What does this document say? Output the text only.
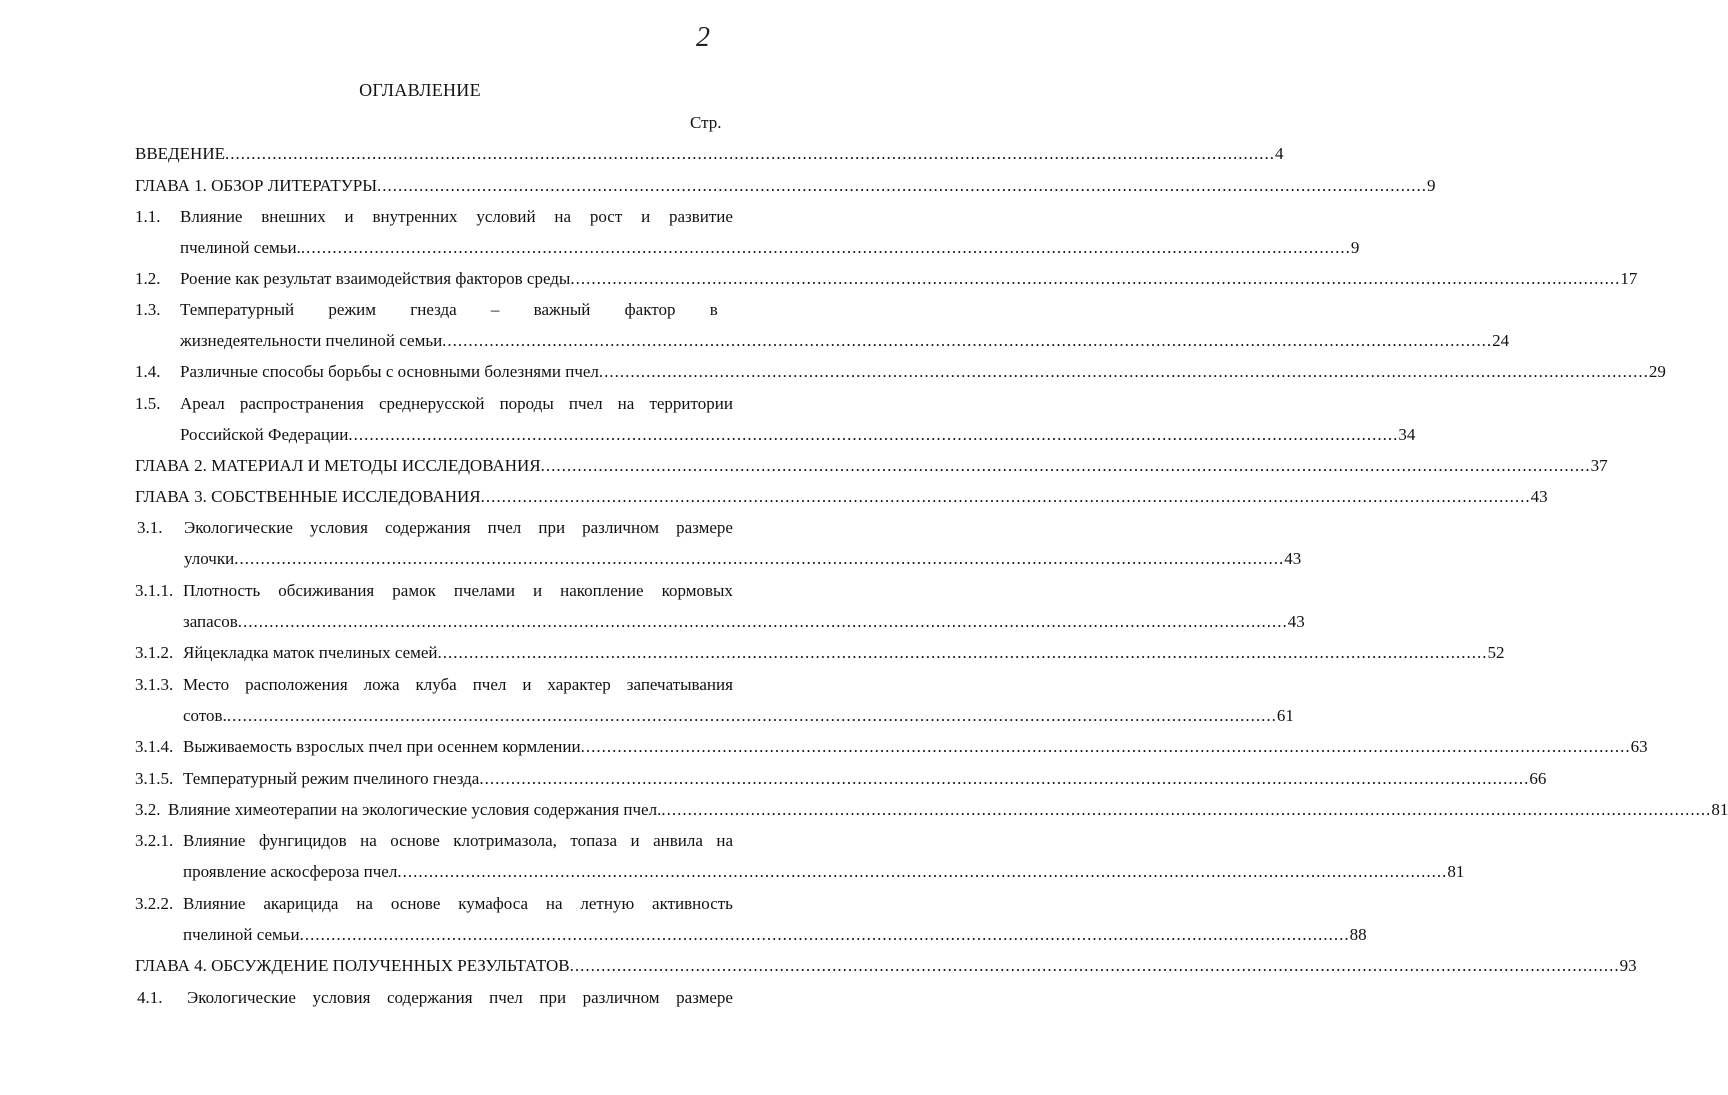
2
ОГЛАВЛЕНИЕ
Стр.
ВВЕДЕНИЕ ........................................................................................................................................................................................................ 4
ГЛАВА 1. ОБЗОР ЛИТЕРАТУРЫ ........................................................................................................................................................................................................ 9
1.1. Влияние внешних и внутренних условий на рост и развитие
пчелиной семьи. ........................................................................................................................................................................................................ 9
1.2. Роение как результат взаимодействия факторов среды ........................................................................................................................................................................................................ 17
1.3. Температурный режим гнезда – важный фактор в
жизнедеятельности пчелиной семьи ........................................................................................................................................................................................................ 24
1.4. Различные способы борьбы с основными болезнями пчел ........................................................................................................................................................................................................ 29
1.5. Ареал распространения среднерусской породы пчел на территории
Российской Федерации ........................................................................................................................................................................................................ 34
ГЛАВА 2. МАТЕРИАЛ И МЕТОДЫ ИССЛЕДОВАНИЯ ........................................................................................................................................................................................................ 37
ГЛАВА 3. СОБСТВЕННЫЕ ИССЛЕДОВАНИЯ ........................................................................................................................................................................................................ 43
3.1. Экологические условия содержания пчел при различном размере
улочки ........................................................................................................................................................................................................ 43
3.1.1. Плотность обсиживания рамок пчелами и накопление кормовых
запасов ........................................................................................................................................................................................................ 43
3.1.2. Яйцекладка маток пчелиных семей ........................................................................................................................................................................................................ 52
3.1.3. Место расположения ложа клуба пчел и характер запечатывания
сотов. ........................................................................................................................................................................................................ 61
3.1.4. Выживаемость взрослых пчел при осеннем кормлении ........................................................................................................................................................................................................ 63
3.1.5. Температурный режим пчелиного гнезда ........................................................................................................................................................................................................ 66
3.2. Влияние химеотерапии на экологические условия содержания пчел. ........................................................................................................................................................................................................ 81
3.2.1. Влияние фунгицидов на основе клотримазола, топаза и анвила на
проявление аскосфероза пчел ........................................................................................................................................................................................................ 81
3.2.2. Влияние акарицида на основе кумафоса на летную активность
пчелиной семьи ........................................................................................................................................................................................................ 88
ГЛАВА 4. ОБСУЖДЕНИЕ ПОЛУЧЕННЫХ РЕЗУЛЬТАТОВ ........................................................................................................................................................................................................ 93
4.1. Экологические условия содержания пчел при различном размере
